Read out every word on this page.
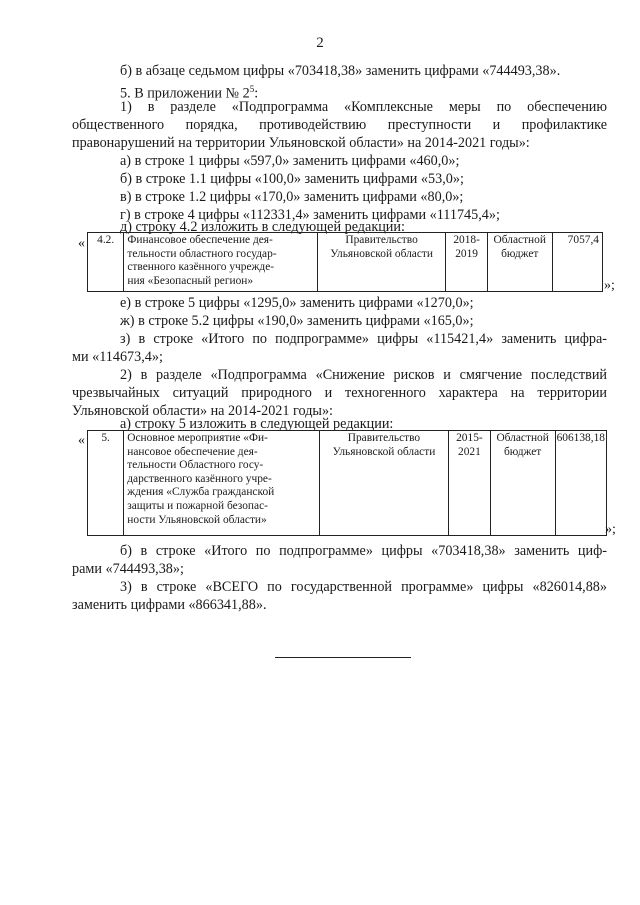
2
б) в абзаце седьмом цифры «703418,38» заменить цифрами «744493,38».
5. В приложении № $2^5$:
1) в разделе «Подпрограмма «Комплексные меры по обеспечению
общественного порядка, противодействию преступности и профилактике
правонарушений на территории Ульяновской области» на 2014-2021 годы»:
а) в строке 1 цифры «597,0» заменить цифрами «460,0»;
б) в строке 1.1 цифры «100,0» заменить цифрами «53,0»;
в) в строке 1.2 цифры «170,0» заменить цифрами «80,0»;
г) в строке 4 цифры «112331,4» заменить цифрами «111745,4»;
д) строку 4.2 изложить в следующей редакции:
« 4.2.	Финансовое обеспечение дея-
тельности областного государ-
ственного казённого учрежде-
ния «Безопасный регион»	Правительство
Ульяновской области	2018-
2019	Областной
бюджет	7057,4
»;
е) в строке 5 цифры «1295,0» заменить цифрами «1270,0»;
ж) в строке 5.2 цифры «190,0» заменить цифрами «165,0»;
з) в строке «Итого по подпрограмме» цифры «115421,4» заменить цифра-
ми «114673,4»;
2) в разделе «Подпрограмма «Снижение рисков и смягчение последствий
чрезвычайных ситуаций природного и техногенного характера на территории
Ульяновской области» на 2014-2021 годы»:
а) строку 5 изложить в следующей редакции:
« 5.	Основное мероприятие «Фи-
нансовое обеспечение дея-
тельности Областного госу-
дарственного казённого учре-
ждения «Служба гражданской
защиты и пожарной безопас-
ности Ульяновской области»	Правительство
Ульяновской области	2015-
2021	Областной
бюджет	606138,18
»;
б) в строке «Итого по подпрограмме» цифры «703418,38» заменить циф-
рами «744493,38»;
3) в строке «ВСЕГО по государственной программе» цифры «826014,88»
заменить цифрами «866341,88».
